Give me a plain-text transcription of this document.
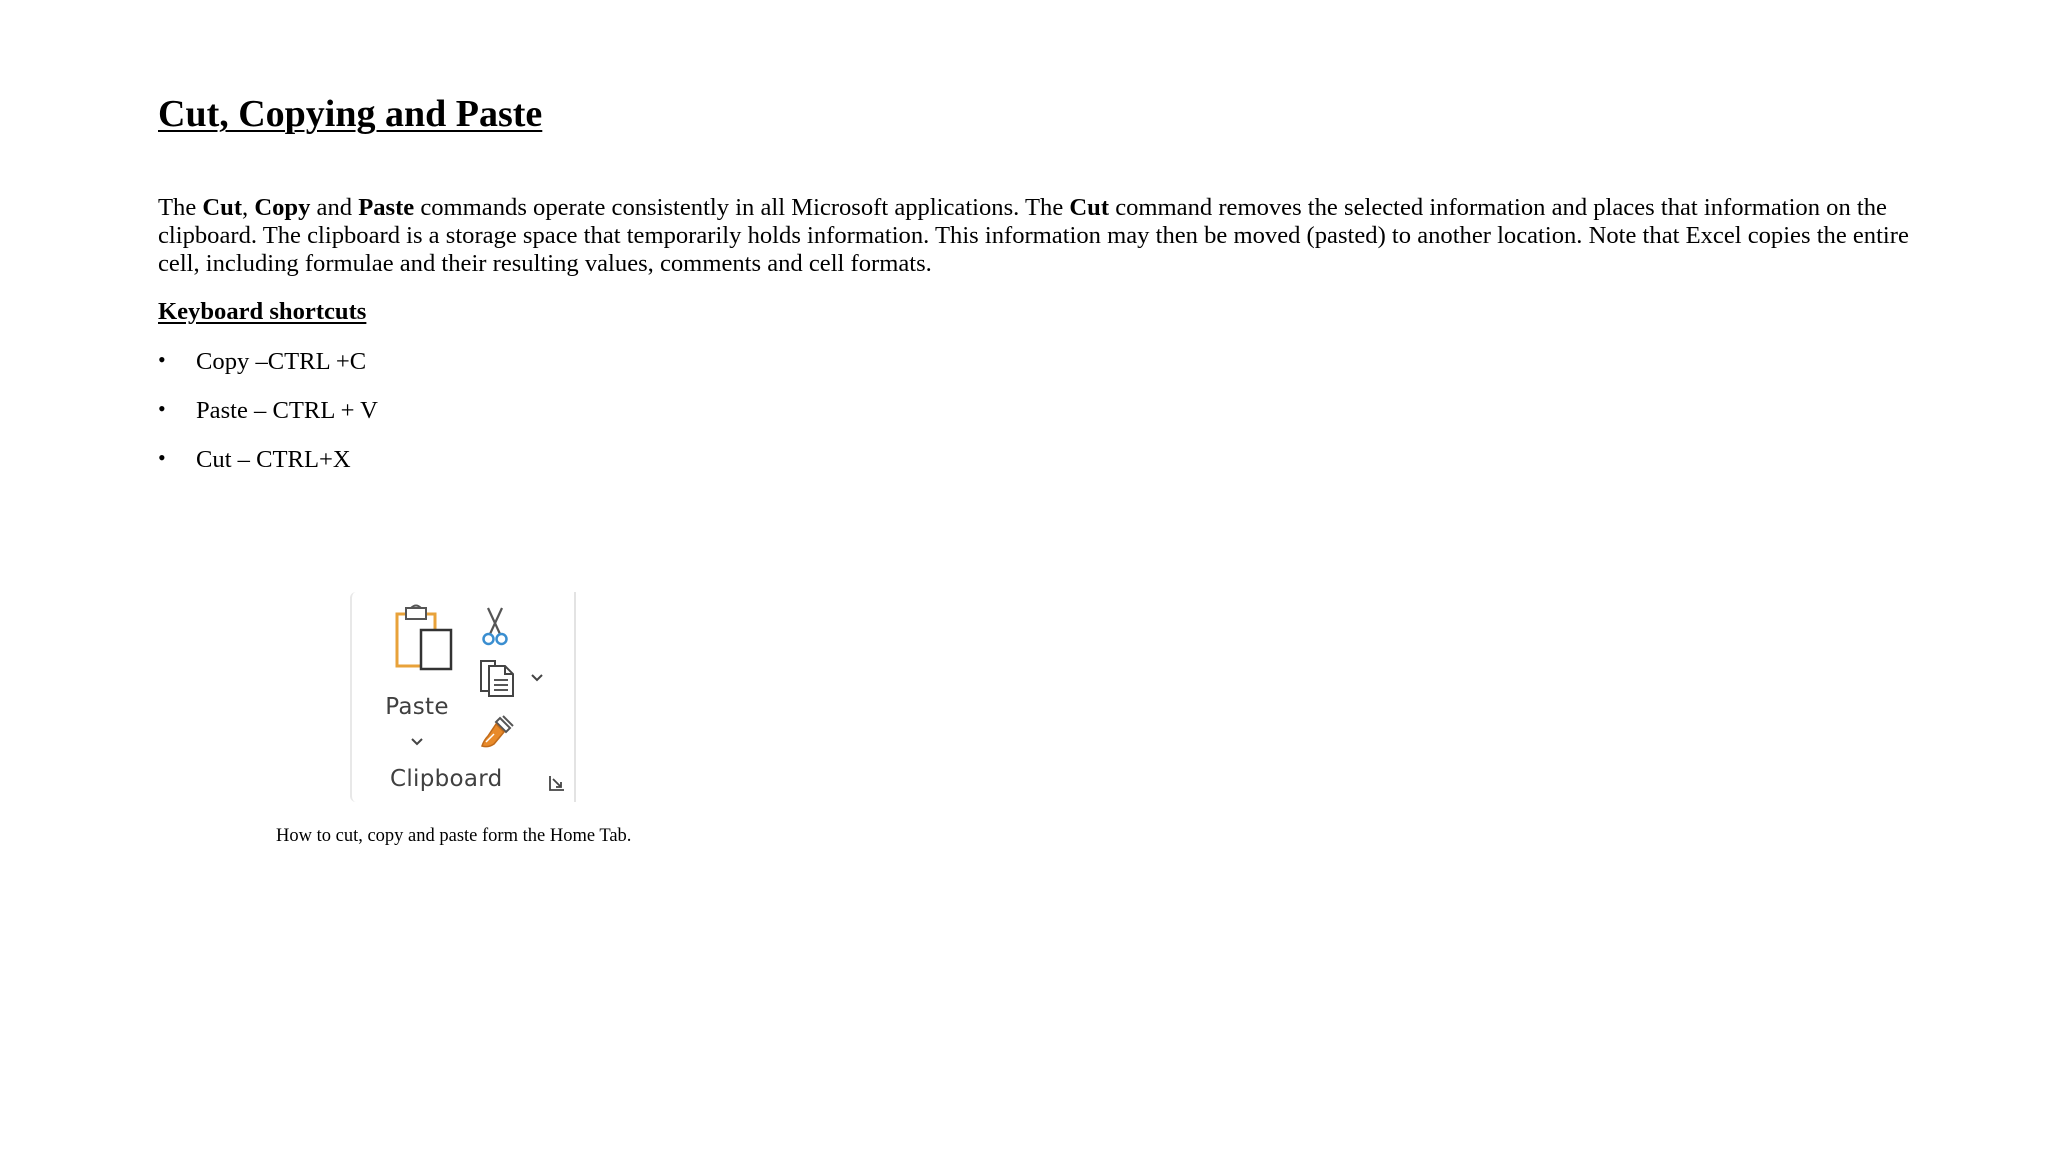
Cut, Copying and Paste

The Cut, Copy and Paste commands operate consistently in all Microsoft applications. The Cut command removes the selected information and places that information on the clipboard. The clipboard is a storage space that temporarily holds information. This information may then be moved (pasted) to another location. Note that Excel copies the entire cell, including formulae and their resulting values, comments and cell formats.

Keyboard shortcuts
• Copy –CTRL +C
• Paste – CTRL + V
• Cut – CTRL+X
Paste
Clipboard

How to cut, copy and paste form the Home Tab.
